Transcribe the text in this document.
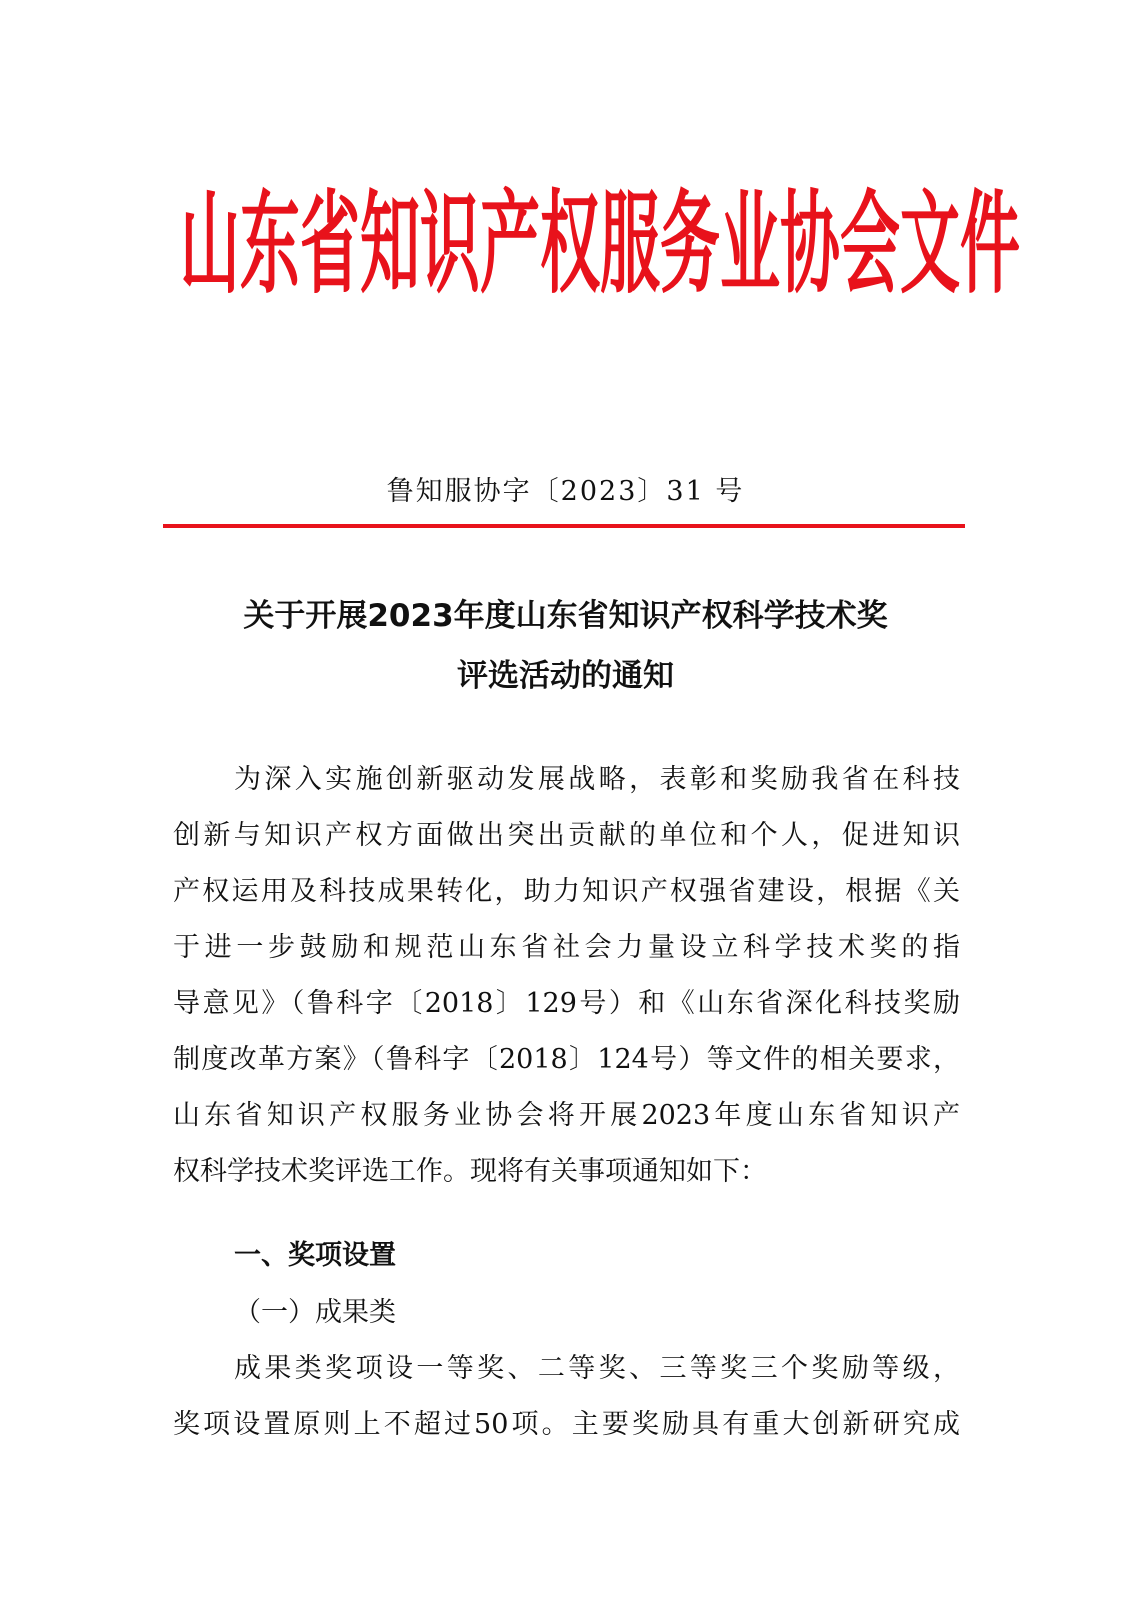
山东省知识产权服务业协会文件
鲁知服协字〔2023〕31 号
关于开展2023年度山东省知识产权科学技术奖
评选活动的通知
为深入实施创新驱动发展战略，表彰和奖励我省在科技
创新与知识产权方面做出突出贡献的单位和个人，促进知识
产权运用及科技成果转化，助力知识产权强省建设，根据《关
于进一步鼓励和规范山东省社会力量设立科学技术奖的指
导意见》（鲁科字〔2018〕129号）和《山东省深化科技奖励
制度改革方案》（鲁科字〔2018〕124号）等文件的相关要求，
山东省知识产权服务业协会将开展2023年度山东省知识产
权科学技术奖评选工作。现将有关事项通知如下：
一、奖项设置
（一）成果类
成果类奖项设一等奖、二等奖、三等奖三个奖励等级，
奖项设置原则上不超过50项。主要奖励具有重大创新研究成
